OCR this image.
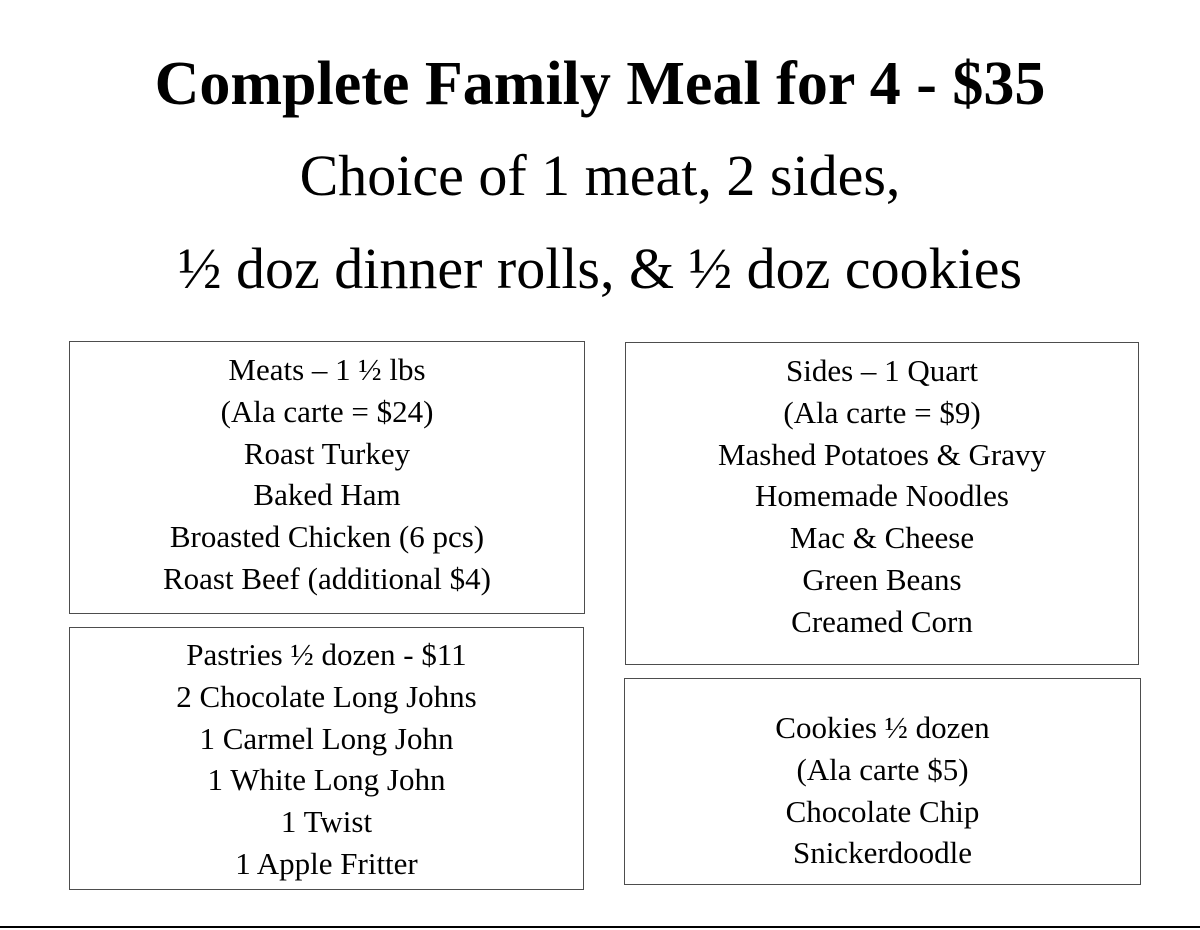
Complete Family Meal for 4 - $35
Choice of 1 meat, 2 sides,
½ doz dinner rolls, & ½ doz cookies
Meats – 1 ½ lbs
(Ala carte = $24)
Roast Turkey
Baked Ham
Broasted Chicken (6 pcs)
Roast Beef (additional $4)
Pastries ½ dozen - $11
2 Chocolate Long Johns
1 Carmel Long John
1 White Long John
1 Twist
1 Apple Fritter
Sides – 1 Quart
(Ala carte = $9)
Mashed Potatoes & Gravy
Homemade Noodles
Mac & Cheese
Green Beans
Creamed Corn
Cookies ½ dozen
(Ala carte $5)
Chocolate Chip
Snickerdoodle
